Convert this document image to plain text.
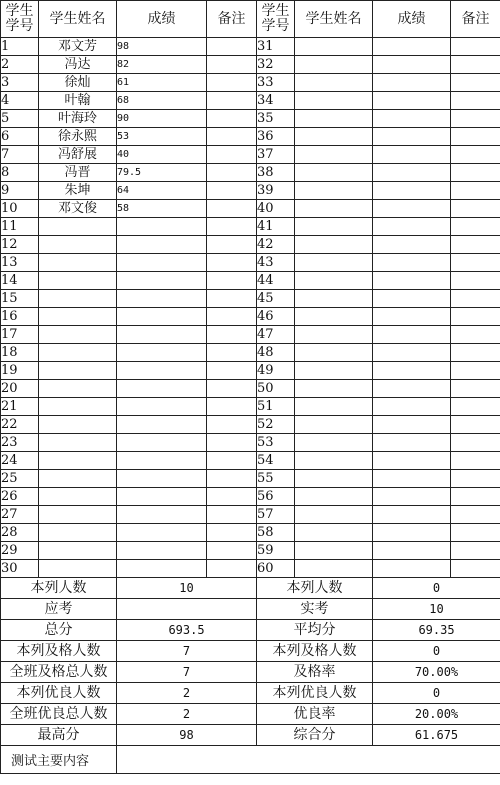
学生学号	学生姓名	成绩	备注	学生学号	学生姓名	成绩	备注
1	邓文芳	98		31			
2	冯达	82		32			
3	徐灿	61		33			
4	叶翰	68		34			
5	叶海玲	90		35			
6	徐永熙	53		36			
7	冯舒展	40		37			
8	冯晋	79.5		38			
9	朱坤	64		39			
10	邓文俊	58		40			
11				41			
12				42			
13				43			
14				44			
15				45			
16				46			
17				47			
18				48			
19				49			
20				50			
21				51			
22				52			
23				53			
24				54			
25				55			
26				56			
27				57			
28				58			
29				59			
30				60			
本列人数		10		本列人数		0	
应考				实考		10	
总分		693.5		平均分		69.35	
本列及格人数		7		本列及格人数		0	
全班及格总人数		7		及格率		70.00%	
本列优良人数		2		本列优良人数		0	
全班优良总人数		2		优良率		20.00%	
最高分		98		综合分		61.675	
测试主要内容							
